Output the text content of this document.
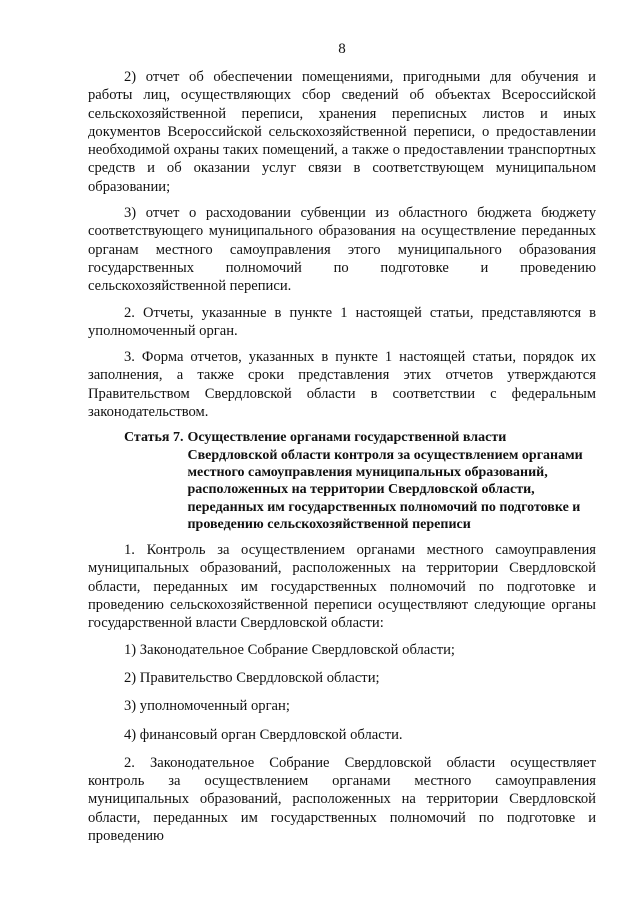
8

2) отчет об обеспечении помещениями, пригодными для обучения и работы лиц, осуществляющих сбор сведений об объектах Всероссийской сельскохозяйственной переписи, хранения переписных листов и иных документов Всероссийской сельскохозяйственной переписи, о предоставлении необходимой охраны таких помещений, а также о предоставлении транспортных средств и об оказании услуг связи в соответствующем муниципальном образовании;

3) отчет о расходовании субвенции из областного бюджета бюджету соответствующего муниципального образования на осуществление переданных органам местного самоуправления этого муниципального образования государственных полномочий по подготовке и проведению сельскохозяйственной переписи.

2. Отчеты, указанные в пункте 1 настоящей статьи, представляются в уполномоченный орган.

3. Форма отчетов, указанных в пункте 1 настоящей статьи, порядок их заполнения, а также сроки представления этих отчетов утверждаются Правительством Свердловской области в соответствии с федеральным законодательством.

Статья 7. Осуществление органами государственной власти Свердловской области контроля за осуществлением органами местного самоуправления муниципальных образований, расположенных на территории Свердловской области, переданных им государственных полномочий по подготовке и проведению сельскохозяйственной переписи

1. Контроль за осуществлением органами местного самоуправления муниципальных образований, расположенных на территории Свердловской области, переданных им государственных полномочий по подготовке и проведению сельскохозяйственной переписи осуществляют следующие органы государственной власти Свердловской области:

1) Законодательное Собрание Свердловской области;

2) Правительство Свердловской области;

3) уполномоченный орган;

4) финансовый орган Свердловской области.

2. Законодательное Собрание Свердловской области осуществляет контроль за осуществлением органами местного самоуправления муниципальных образований, расположенных на территории Свердловской области, переданных им государственных полномочий по подготовке и проведению
